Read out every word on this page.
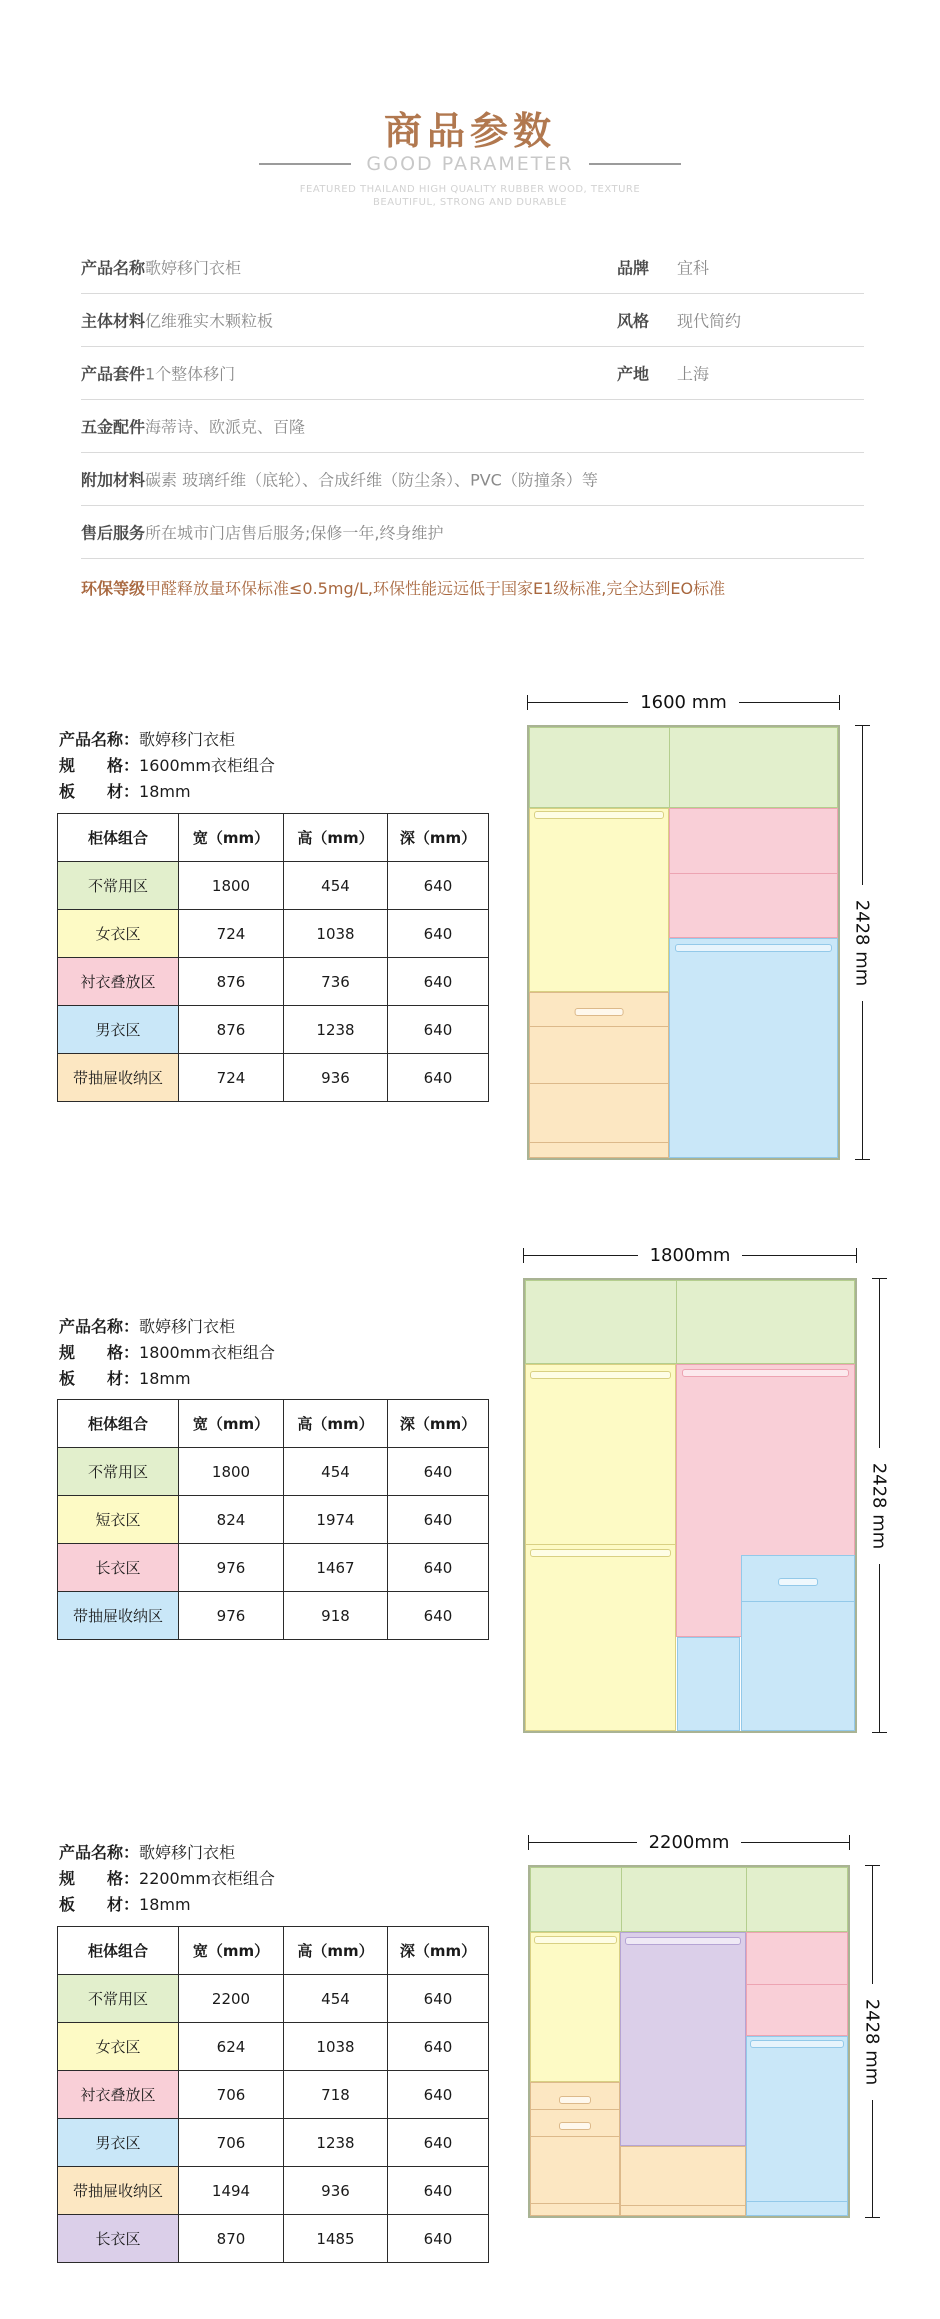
商品参数
GOOD PARAMETER
FEATURED THAILAND HIGH QUALITY RUBBER WOOD, TEXTURE
BEAUTIFUL, STRONG AND DURABLE
产品名称 歌婷移门衣柜	品牌 宜科
主体材料 亿维雅实木颗粒板	风格 现代简约
产品套件 1个整体移门	产地 上海
五金配件 海蒂诗、欧派克、百隆
附加材料 碳素 玻璃纤维（底轮）、合成纤维（防尘条）、PVC（防撞条）等
售后服务 所在城市门店售后服务;保修一年,终身维护
环保等级 甲醛释放量环保标准≤0.5mg/L,环保性能远远低于国家E1级标准,完全达到EO标准
产品名称：歌婷移门衣柜
规　　格：1600mm衣柜组合
板　　材：18mm
柜体组合	宽（mm）	高（mm）	深（mm）
不常用区	1800	454	640
女衣区	724	1038	640
衬衣叠放区	876	736	640
男衣区	876	1238	640
带抽屉收纳区	724	936	640
产品名称：歌婷移门衣柜
规　　格：1800mm衣柜组合
板　　材：18mm
柜体组合	宽（mm）	高（mm）	深（mm）
不常用区	1800	454	640
短衣区	824	1974	640
长衣区	976	1467	640
带抽屉收纳区	976	918	640
产品名称：歌婷移门衣柜
规　　格：2200mm衣柜组合
板　　材：18mm
柜体组合	宽（mm）	高（mm）	深（mm）
不常用区	2200	454	640
女衣区	624	1038	640
衬衣叠放区	706	718	640
男衣区	706	1238	640
带抽屉收纳区	1494	936	640
长衣区	870	1485	640
1600 mm
2428 mm
1800mm
2428 mm
2200mm
2428 mm
